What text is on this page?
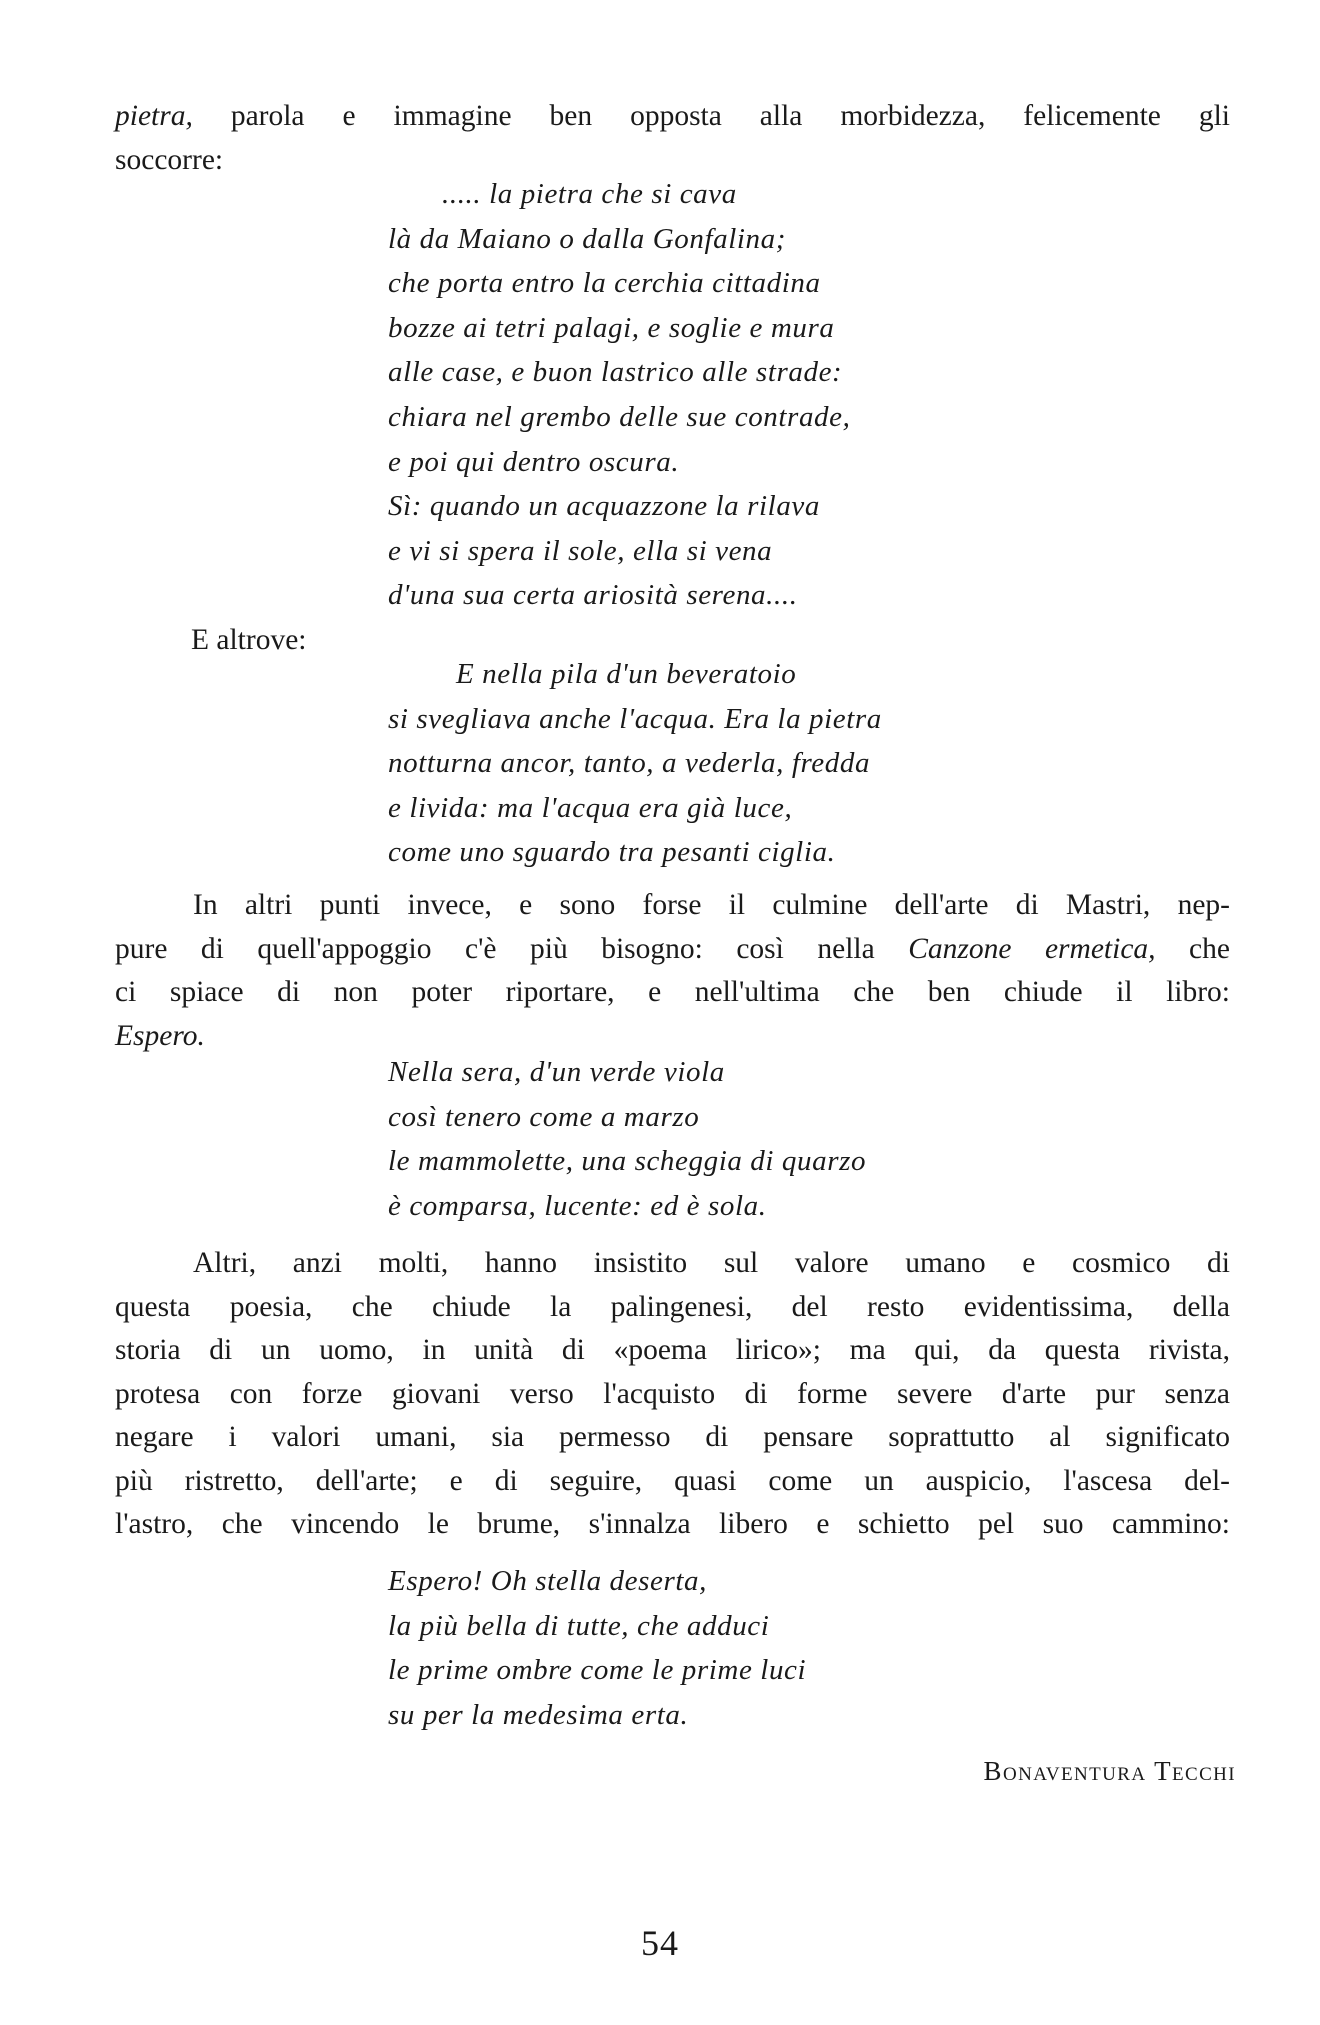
pietra, parola e immagine ben opposta alla morbidezza, felicemente gli
soccorre:
..... la pietra che si cava
là da Maiano o dalla Gonfalina;
che porta entro la cerchia cittadina
bozze ai tetri palagi, e soglie e mura
alle case, e buon lastrico alle strade:
chiara nel grembo delle sue contrade,
e poi qui dentro oscura.
Sì: quando un acquazzone la rilava
e vi si spera il sole, ella si vena
d'una sua certa ariosità serena....
E altrove:
E nella pila d'un beveratoio
si svegliava anche l'acqua. Era la pietra
notturna ancor, tanto, a vederla, fredda
e livida: ma l'acqua era già luce,
come uno sguardo tra pesanti ciglia.
In altri punti invece, e sono forse il culmine dell'arte di Mastri, nep-
pure di quell'appoggio c'è più bisogno: così nella Canzone ermetica, che
ci spiace di non poter riportare, e nell'ultima che ben chiude il libro:
Espero.
Nella sera, d'un verde viola
così tenero come a marzo
le mammolette, una scheggia di quarzo
è comparsa, lucente: ed è sola.
Altri, anzi molti, hanno insistito sul valore umano e cosmico di
questa poesia, che chiude la palingenesi, del resto evidentissima, della
storia di un uomo, in unità di «poema lirico»; ma qui, da questa rivista,
protesa con forze giovani verso l'acquisto di forme severe d'arte pur senza
negare i valori umani, sia permesso di pensare soprattutto al significato
più ristretto, dell'arte; e di seguire, quasi come un auspicio, l'ascesa del-
l'astro, che vincendo le brume, s'innalza libero e schietto pel suo cammino:
Espero! Oh stella deserta,
la più bella di tutte, che adduci
le prime ombre come le prime luci
su per la medesima erta.
Bonaventura Tecchi
54
